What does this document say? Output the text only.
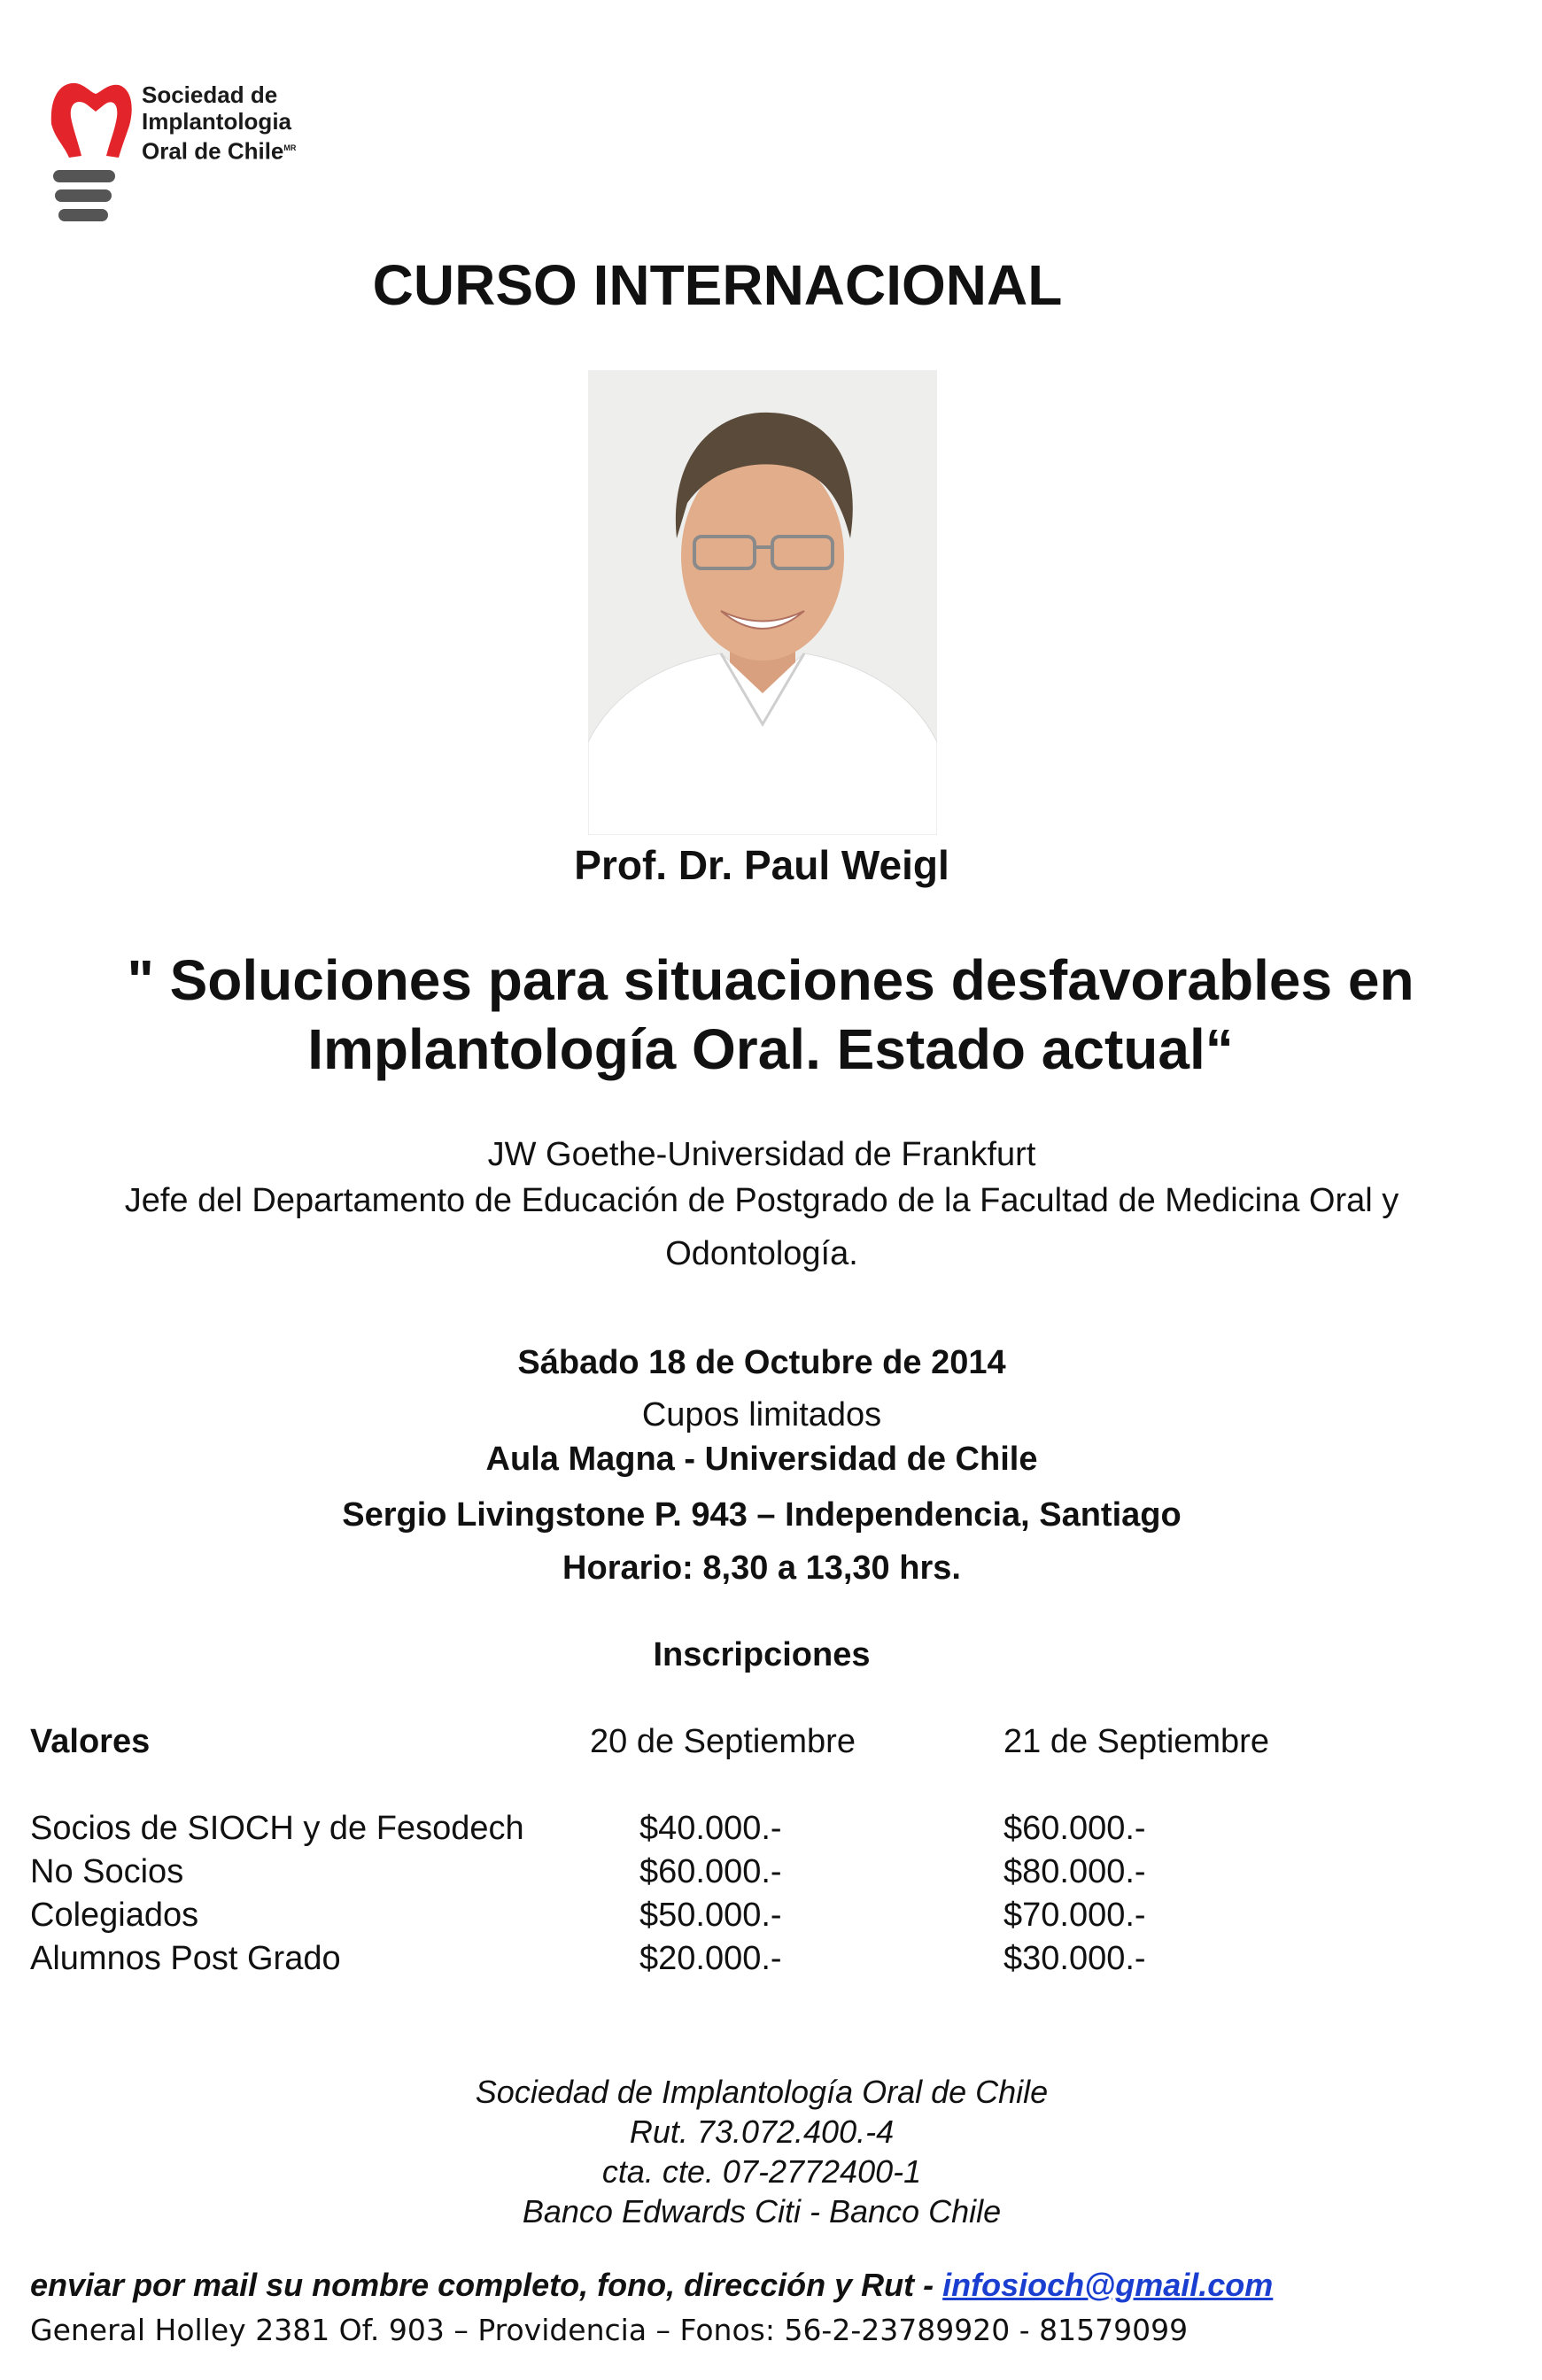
Sociedad de
Implantologia
Oral de Chile$^{MR}$
CURSO INTERNACIONAL
Prof. Dr. Paul Weigl
" Soluciones para situaciones desfavorables en
Implantología Oral. Estado actual“
JW Goethe-Universidad de Frankfurt
Jefe del Departamento de Educación de Postgrado de la Facultad de Medicina Oral y
Odontología.
Sábado 18 de Octubre de 2014
Cupos limitados
Aula Magna - Universidad de Chile
Sergio Livingstone P. 943 – Independencia, Santiago
Horario: 8,30 a 13,30 hrs.
Inscripciones
Valores	20 de Septiembre	21 de Septiembre
Socios de SIOCH y de Fesodech	$40.000.-	$60.000.-
No Socios	$60.000.-	$80.000.-
Colegiados	$50.000.-	$70.000.-
Alumnos Post Grado	$20.000.-	$30.000.-
Sociedad de Implantología Oral de Chile
Rut. 73.072.400.-4
cta. cte. 07-2772400-1
Banco Edwards Citi - Banco Chile
enviar por mail su nombre completo, fono, dirección y Rut - infosioch@gmail.com
General Holley 2381 Of. 903 – Providencia – Fonos: 56-2-23789920 - 81579099
